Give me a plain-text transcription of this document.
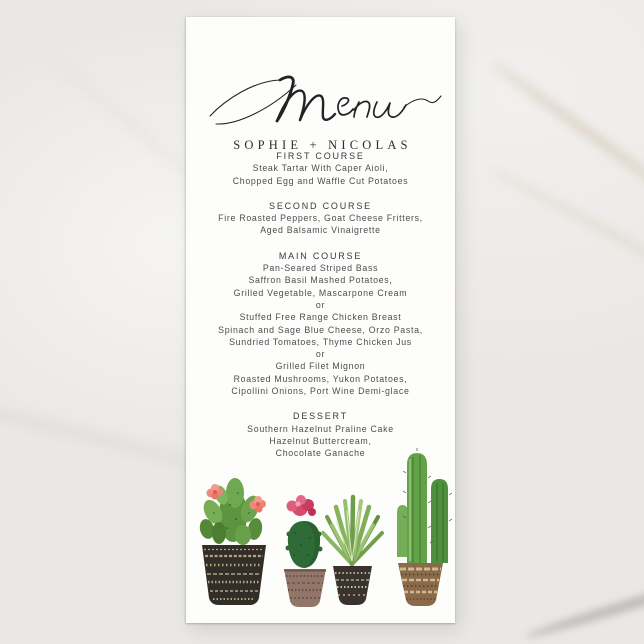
SOPHIE + NICOLAS
FIRST COURSE
Steak Tartar With Caper Aioli,
Chopped Egg and Waffle Cut Potatoes
SECOND COURSE
Fire Roasted Peppers, Goat Cheese Fritters,
Aged Balsamic Vinaigrette
MAIN COURSE
Pan-Seared Striped Bass
Saffron Basil Mashed Potatoes,
Grilled Vegetable, Mascarpone Cream
or
Stuffed Free Range Chicken Breast
Spinach and Sage Blue Cheese, Orzo Pasta,
Sundried Tomatoes, Thyme Chicken Jus
or
Grilled Filet Mignon
Roasted Mushrooms, Yukon Potatoes,
Cipollini Onions, Port Wine Demi-glace
DESSERT
Southern Hazelnut Praline Cake
Hazelnut Buttercream,
Chocolate Ganache
